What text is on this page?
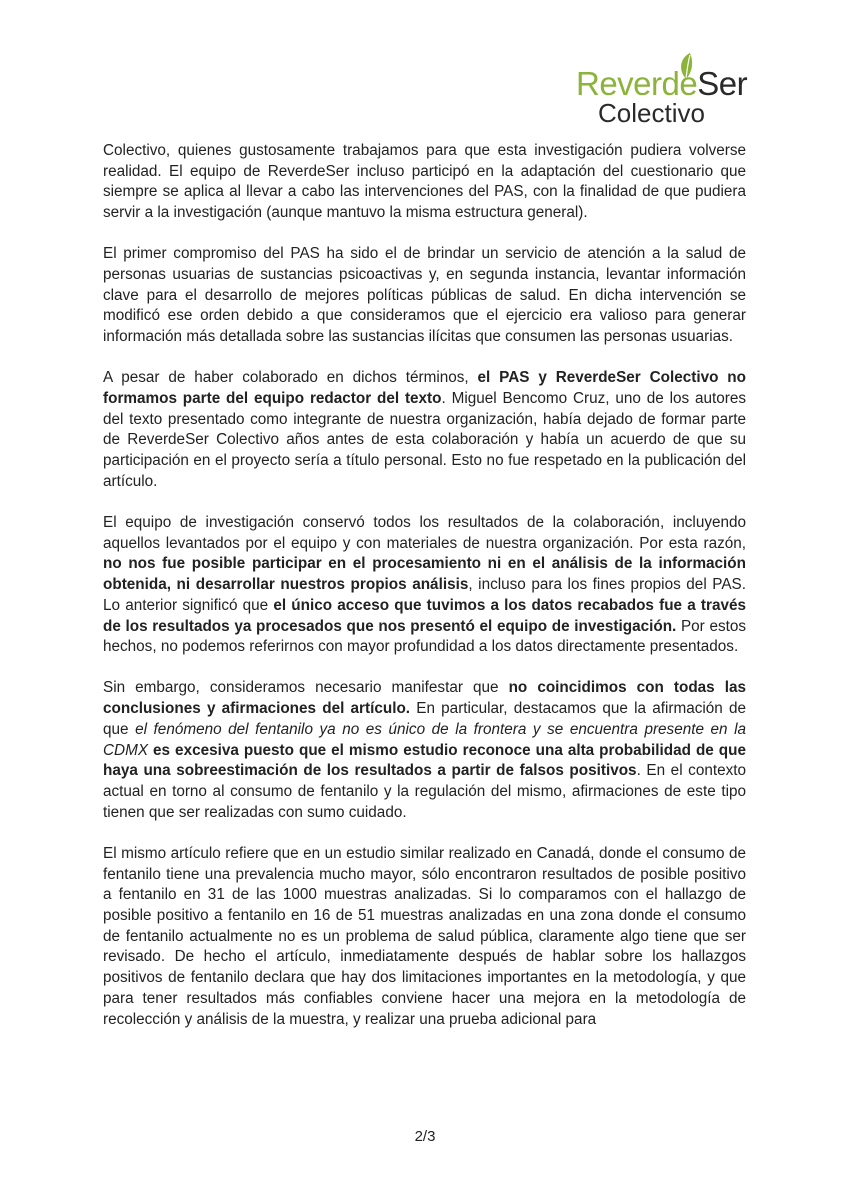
ReverdeSer
Colectivo

Colectivo, quienes gustosamente trabajamos para que esta investigación pudiera volverse realidad. El equipo de ReverdeSer incluso participó en la adaptación del cuestionario que siempre se aplica al llevar a cabo las intervenciones del PAS, con la finalidad de que pudiera servir a la investigación (aunque mantuvo la misma estructura general).

El primer compromiso del PAS ha sido el de brindar un servicio de atención a la salud de personas usuarias de sustancias psicoactivas y, en segunda instancia, levantar información clave para el desarrollo de mejores políticas públicas de salud. En dicha intervención se modificó ese orden debido a que consideramos que el ejercicio era valioso para generar información más detallada sobre las sustancias ilícitas que consumen las personas usuarias.

A pesar de haber colaborado en dichos términos, el PAS y ReverdeSer Colectivo no formamos parte del equipo redactor del texto. Miguel Bencomo Cruz, uno de los autores del texto presentado como integrante de nuestra organización, había dejado de formar parte de ReverdeSer Colectivo años antes de esta colaboración y había un acuerdo de que su participación en el proyecto sería a título personal. Esto no fue respetado en la publicación del artículo.

El equipo de investigación conservó todos los resultados de la colaboración, incluyendo aquellos levantados por el equipo y con materiales de nuestra organización. Por esta razón, no nos fue posible participar en el procesamiento ni en el análisis de la información obtenida, ni desarrollar nuestros propios análisis, incluso para los fines propios del PAS. Lo anterior significó que el único acceso que tuvimos a los datos recabados fue a través de los resultados ya procesados que nos presentó el equipo de investigación. Por estos hechos, no podemos referirnos con mayor profundidad a los datos directamente presentados.

Sin embargo, consideramos necesario manifestar que no coincidimos con todas las conclusiones y afirmaciones del artículo. En particular, destacamos que la afirmación de que el fenómeno del fentanilo ya no es único de la frontera y se encuentra presente en la CDMX es excesiva puesto que el mismo estudio reconoce una alta probabilidad de que haya una sobreestimación de los resultados a partir de falsos positivos. En el contexto actual en torno al consumo de fentanilo y la regulación del mismo, afirmaciones de este tipo tienen que ser realizadas con sumo cuidado.

El mismo artículo refiere que en un estudio similar realizado en Canadá, donde el consumo de fentanilo tiene una prevalencia mucho mayor, sólo encontraron resultados de posible positivo a fentanilo en 31 de las 1000 muestras analizadas. Si lo comparamos con el hallazgo de posible positivo a fentanilo en 16 de 51 muestras analizadas en una zona donde el consumo de fentanilo actualmente no es un problema de salud pública, claramente algo tiene que ser revisado. De hecho el artículo, inmediatamente después de hablar sobre los hallazgos positivos de fentanilo declara que hay dos limitaciones importantes en la metodología, y que para tener resultados más confiables conviene hacer una mejora en la metodología de recolección y análisis de la muestra, y realizar una prueba adicional para

2/3
